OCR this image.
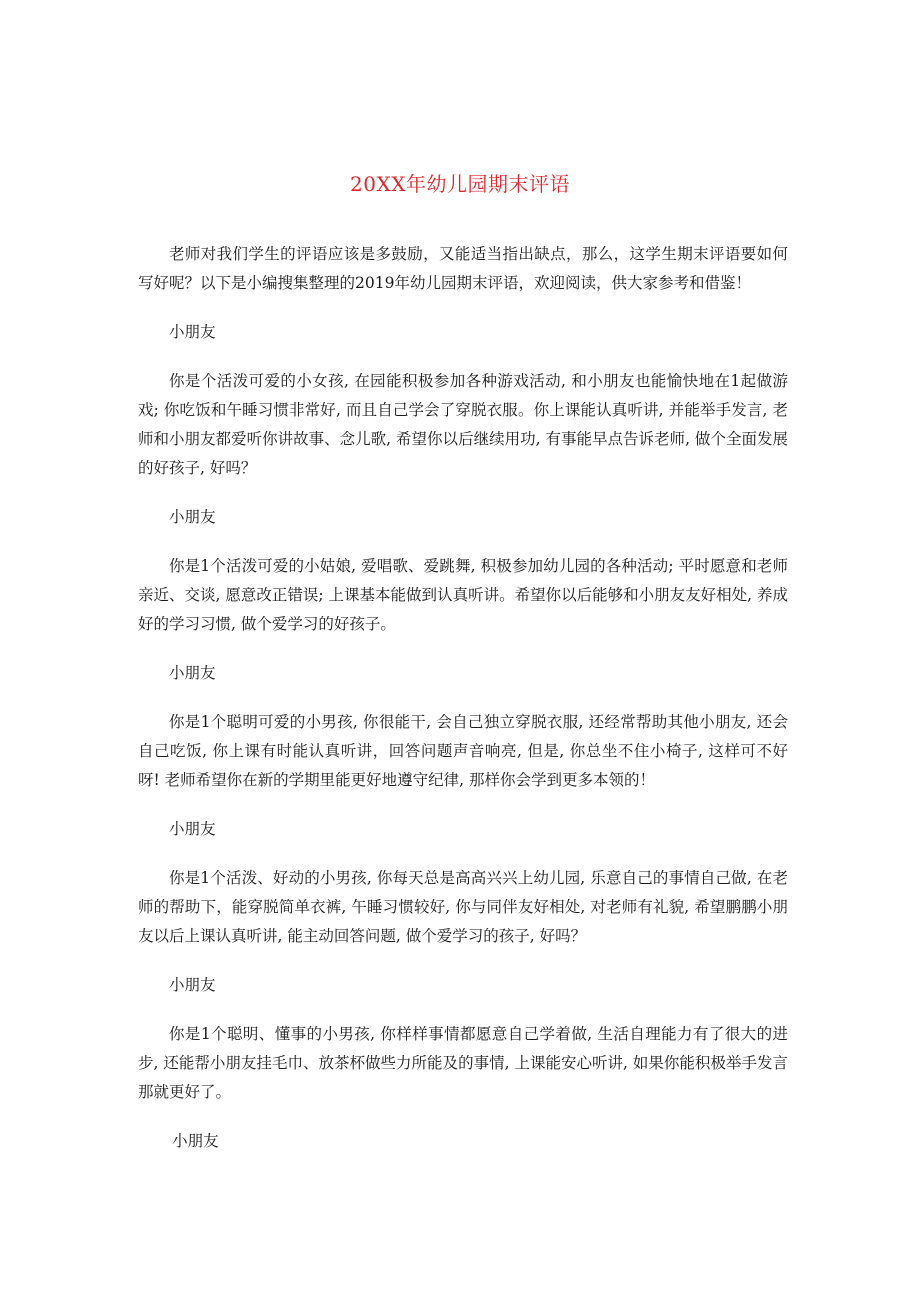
20XX年幼儿园期末评语

老师对我们学生的评语应该是多鼓励，又能适当指出缺点，那么，这学生期末评语要如何写好呢？以下是小编搜集整理的2019年幼儿园期末评语，欢迎阅读，供大家参考和借鉴！

小朋友

你是个活泼可爱的小女孩, 在园能积极参加各种游戏活动, 和小朋友也能愉快地在1起做游戏; 你吃饭和午睡习惯非常好, 而且自己学会了穿脱衣服。你上课能认真听讲, 并能举手发言, 老师和小朋友都爱听你讲故事、念儿歌, 希望你以后继续用功, 有事能早点告诉老师, 做个全面发展的好孩子, 好吗？

小朋友

你是1个活泼可爱的小姑娘, 爱唱歌、爱跳舞, 积极参加幼儿园的各种活动; 平时愿意和老师亲近、交谈, 愿意改正错误; 上课基本能做到认真听讲。希望你以后能够和小朋友友好相处, 养成好的学习习惯, 做个爱学习的好孩子。

小朋友

你是1个聪明可爱的小男孩, 你很能干, 会自己独立穿脱衣服, 还经常帮助其他小朋友, 还会自己吃饭, 你上课有时能认真听讲，回答问题声音响亮, 但是, 你总坐不住小椅子, 这样可不好呀! 老师希望你在新的学期里能更好地遵守纪律, 那样你会学到更多本领的！

小朋友

你是1个活泼、好动的小男孩, 你每天总是高高兴兴上幼儿园, 乐意自己的事情自己做, 在老师的帮助下，能穿脱简单衣裤, 午睡习惯较好, 你与同伴友好相处, 对老师有礼貌, 希望鹏鹏小朋友以后上课认真听讲, 能主动回答问题, 做个爱学习的孩子, 好吗？

小朋友

你是1个聪明、懂事的小男孩, 你样样事情都愿意自己学着做, 生活自理能力有了很大的进步, 还能帮小朋友挂毛巾、放茶杯做些力所能及的事情, 上课能安心听讲, 如果你能积极举手发言那就更好了。

小朋友
